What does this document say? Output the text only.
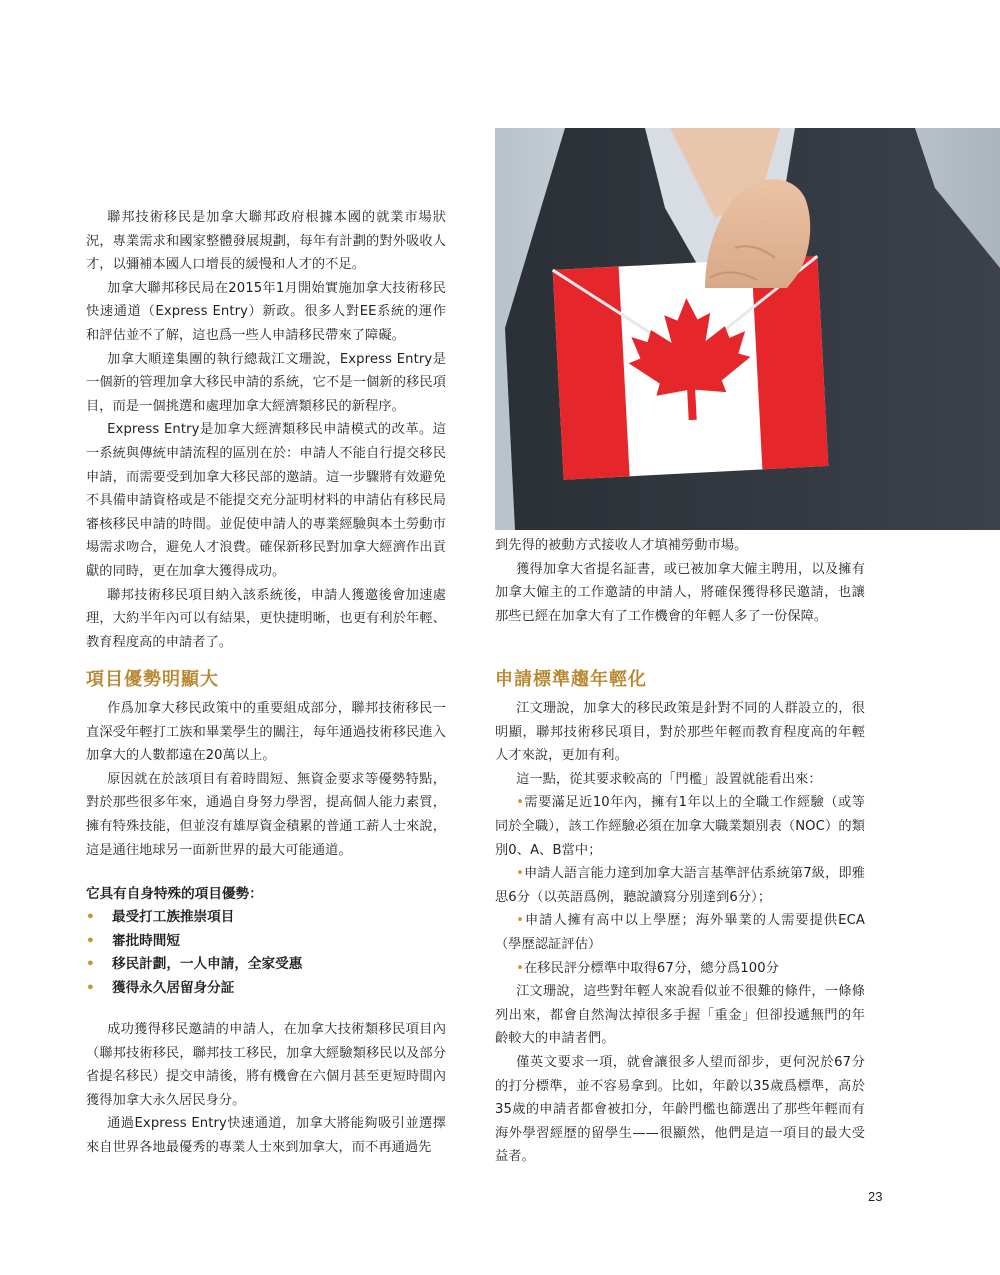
聯邦技術移民是加拿大聯邦政府根據本國的就業市場狀況，專業需求和國家整體發展規劃，每年有計劃的對外吸收人才，以彌補本國人口增長的緩慢和人才的不足。

加拿大聯邦移民局在2015年1月開始實施加拿大技術移民快速通道（Express Entry）新政。很多人對EE系統的運作和評估並不了解，這也爲一些人申請移民帶來了障礙。

加拿大順達集團的執行總裁江文珊說，Express Entry是一個新的管理加拿大移民申請的系統，它不是一個新的移民項目，而是一個挑選和處理加拿大經濟類移民的新程序。

Express Entry是加拿大經濟類移民申請模式的改革。這一系統與傳統申請流程的區別在於：申請人不能自行提交移民申請，而需要受到加拿大移民部的邀請。這一步驟將有效避免不具備申請資格或是不能提交充分証明材料的申請佔有移民局審核移民申請的時間。並促使申請人的專業經驗與本土勞動市場需求吻合，避免人才浪費。確保新移民對加拿大經濟作出貢獻的同時，更在加拿大獲得成功。

聯邦技術移民項目納入該系統後，申請人獲邀後會加速處理，大約半年內可以有結果，更快捷明晰，也更有利於年輕、教育程度高的申請者了。

項目優勢明顯大

作爲加拿大移民政策中的重要組成部分，聯邦技術移民一直深受年輕打工族和畢業學生的關注，每年通過技術移民進入加拿大的人數都遠在20萬以上。

原因就在於該項目有着時間短、無資金要求等優勢特點，對於那些很多年來，通過自身努力學習，提高個人能力素質，擁有特殊技能，但並沒有雄厚資金積累的普通工薪人士來說，這是通往地球另一面新世界的最大可能通道。

它具有自身特殊的項目優勢：

• 最受打工族推崇項目
• 審批時間短
• 移民計劃，一人申請，全家受惠
• 獲得永久居留身分証

成功獲得移民邀請的申請人，在加拿大技術類移民項目內（聯邦技術移民，聯邦技工移民，加拿大經驗類移民以及部分省提名移民）提交申請後，將有機會在六個月甚至更短時間內獲得加拿大永久居民身分。

通過Express Entry快速通道，加拿大將能夠吸引並選擇來自世界各地最優秀的專業人士來到加拿大，而不再通過先

到先得的被動方式接收人才填補勞動市場。

獲得加拿大省提名証書，或已被加拿大僱主聘用，以及擁有加拿大僱主的工作邀請的申請人，將確保獲得移民邀請，也讓那些已經在加拿大有了工作機會的年輕人多了一份保障。

申請標準趨年輕化

江文珊說，加拿大的移民政策是針對不同的人群設立的，很明顯，聯邦技術移民項目，對於那些年輕而教育程度高的年輕人才來說，更加有利。

這一點，從其要求較高的「門檻」設置就能看出來：

•需要滿足近10年內，擁有1年以上的全職工作經驗（或等同於全職），該工作經驗必須在加拿大職業類別表（NOC）的類別0、A、B當中；

•申請人語言能力達到加拿大語言基準評估系統第7級，即雅思6分（以英語爲例，聽說讀寫分別達到6分）；

•申請人擁有高中以上學歷；海外畢業的人需要提供ECA（學歷認証評估）

•在移民評分標準中取得67分，總分爲100分

江文珊說，這些對年輕人來說看似並不很難的條件，一條條列出來，都會自然淘汰掉很多手握「重金」但卻投遞無門的年齡較大的申請者們。

僅英文要求一項，就會讓很多人望而卻步，更何況於67分的打分標準，並不容易拿到。比如，年齡以35歲爲標準，高於35歲的申請者都會被扣分，年齡門檻也篩選出了那些年輕而有海外學習經歷的留學生——很顯然，他們是這一項目的最大受益者。

23
